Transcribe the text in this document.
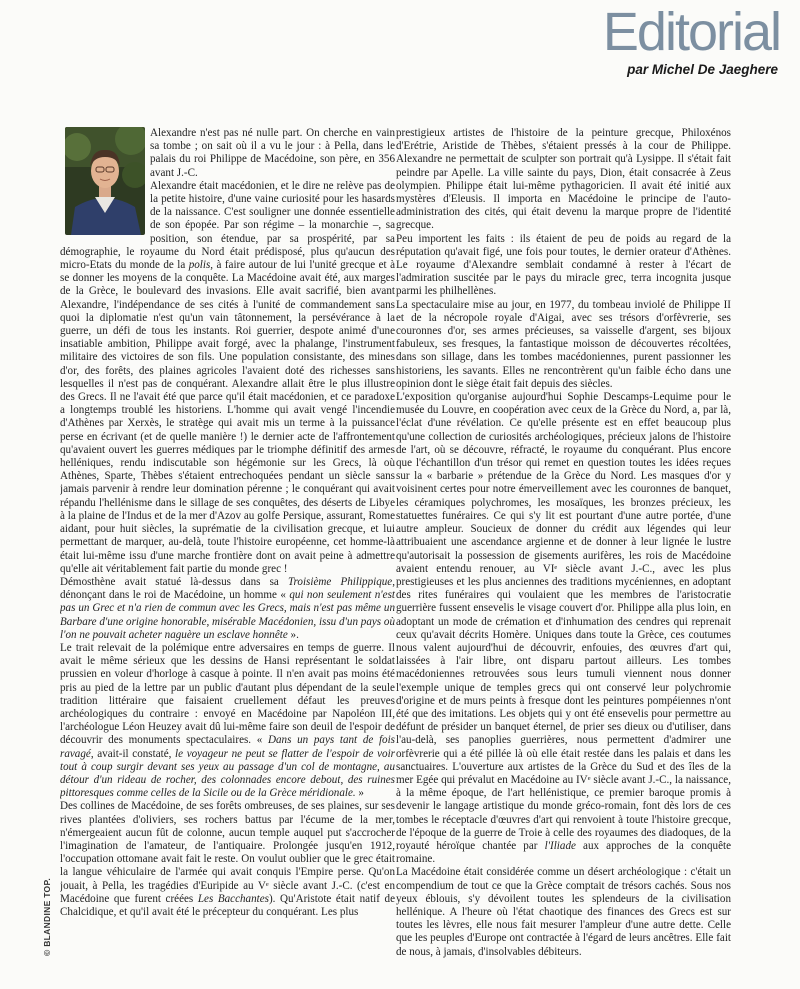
Editorial
par Michel De Jaeghere
© BLANDINE TOP.

Alexandre n'est pas né nulle part. On cherche en vain sa tombe ; on sait où il a vu le jour : à Pella, dans le palais du roi Philippe de Macédoine, son père, en 356 avant J.-C.

Alexandre était macédonien, et le dire ne relève pas de la petite histoire, d'une vaine curiosité pour les hasards de la naissance. C'est souligner une donnée essentielle de son épopée. Par son régime – la monarchie –, sa position, son étendue, par sa prospérité, par sa démographie, le royaume du Nord était prédisposé, plus qu'aucun des micro-Etats du monde de la polis, à faire autour de lui l'unité grecque et à se donner les moyens de la conquête. La Macédoine avait été, aux marges de la Grèce, le boulevard des invasions. Elle avait sacrifié, bien avant Alexandre, l'indépendance de ses cités à l'unité de commandement sans quoi la diplomatie n'est qu'un vain tâtonnement, la persévérance à la guerre, un défi de tous les instants. Roi guerrier, despote animé d'une insatiable ambition, Philippe avait forgé, avec la phalange, l'instrument militaire des victoires de son fils. Une population consistante, des mines d'or, des forêts, des plaines agricoles l'avaient doté des richesses sans lesquelles il n'est pas de conquérant. Alexandre allait être le plus illustre des Grecs. Il ne l'avait été que parce qu'il était macédonien, et ce paradoxe a longtemps troublé les historiens. L'homme qui avait vengé l'incendie d'Athènes par Xerxès, le stratège qui avait mis un terme à la puissance perse en écrivant (et de quelle manière !) le dernier acte de l'affrontement qu'avaient ouvert les guerres médiques par le triomphe définitif des armes helléniques, rendu indiscutable son hégémonie sur les Grecs, là où Athènes, Sparte, Thèbes s'étaient entrechoquées pendant un siècle sans jamais parvenir à rendre leur domination pérenne ; le conquérant qui avait répandu l'hellénisme dans le sillage de ses conquêtes, des déserts de Libye à la plaine de l'Indus et de la mer d'Azov au golfe Persique, assurant, Rome aidant, pour huit siècles, la suprématie de la civilisation grecque, et lui permettant de marquer, au-delà, toute l'histoire européenne, cet homme-là était lui-même issu d'une marche frontière dont on avait peine à admettre qu'elle ait véritablement fait partie du monde grec !

Démosthène avait statué là-dessus dans sa Troisième Philippique, dénonçant dans le roi de Macédoine, un homme « qui non seulement n'est pas un Grec et n'a rien de commun avec les Grecs, mais n'est pas même un Barbare d'une origine honorable, misérable Macédonien, issu d'un pays où l'on ne pouvait acheter naguère un esclave honnête ».

Le trait relevait de la polémique entre adversaires en temps de guerre. Il avait le même sérieux que les dessins de Hansi représentant le soldat prussien en voleur d'horloge à casque à pointe. Il n'en avait pas moins été pris au pied de la lettre par un public d'autant plus dépendant de la seule tradition littéraire que faisaient cruellement défaut les preuves archéologiques du contraire : envoyé en Macédoine par Napoléon III, l'archéologue Léon Heuzey avait dû lui-même faire son deuil de l'espoir de découvrir des monuments spectaculaires. « Dans un pays tant de fois ravagé, avait-il constaté, le voyageur ne peut se flatter de l'espoir de voir tout à coup surgir devant ses yeux au passage d'un col de montagne, au détour d'un rideau de rocher, des colonnades encore debout, des ruines pittoresques comme celles de la Sicile ou de la Grèce méridionale. »

Des collines de Macédoine, de ses forêts ombreuses, de ses plaines, sur ses rives plantées d'oliviers, ses rochers battus par l'écume de la mer, n'émergeaient aucun fût de colonne, aucun temple auquel put s'accrocher l'imagination de l'amateur, de l'antiquaire. Prolongée jusqu'en 1912, l'occupation ottomane avait fait le reste. On voulut oublier que le grec était la langue véhiculaire de l'armée qui avait conquis l'Empire perse. Qu'on jouait, à Pella, les tragédies d'Euripide au Vᵉ siècle avant J.-C. (c'est en Macédoine que furent créées Les Bacchantes). Qu'Aristote était natif de Chalcidique, et qu'il avait été le précepteur du conquérant. Les plus

prestigieux artistes de l'histoire de la peinture grecque, Philoxénos d'Erétrie, Aristide de Thèbes, s'étaient pressés à la cour de Philippe. Alexandre ne permettait de sculpter son portrait qu'à Lysippe. Il s'était fait peindre par Apelle. La ville sainte du pays, Dion, était consacrée à Zeus olympien. Philippe était lui-même pythagoricien. Il avait été initié aux mystères d'Eleusis. Il importa en Macédoine le principe de l'auto-administration des cités, qui était devenu la marque propre de l'identité grecque.

Peu importent les faits : ils étaient de peu de poids au regard de la réputation qu'avait figé, une fois pour toutes, le dernier orateur d'Athènes. Le royaume d'Alexandre semblait condamné à rester à l'écart de l'admiration suscitée par le pays du miracle grec, terra incognita jusque parmi les philhellènes.

La spectaculaire mise au jour, en 1977, du tombeau inviolé de Philippe II et de la nécropole royale d'Aigai, avec ses trésors d'orfèvrerie, ses couronnes d'or, ses armes précieuses, sa vaisselle d'argent, ses bijoux fabuleux, ses fresques, la fantastique moisson de découvertes récoltées, dans son sillage, dans les tombes macédoniennes, purent passionner les historiens, les savants. Elles ne rencontrèrent qu'un faible écho dans une opinion dont le siège était fait depuis des siècles.

L'exposition qu'organise aujourd'hui Sophie Descamps-Lequime pour le musée du Louvre, en coopération avec ceux de la Grèce du Nord, a, par là, l'éclat d'une révélation. Ce qu'elle présente est en effet beaucoup plus qu'une collection de curiosités archéologiques, précieux jalons de l'histoire de l'art, où se découvre, réfracté, le royaume du conquérant. Plus encore que l'échantillon d'un trésor qui remet en question toutes les idées reçues sur la « barbarie » prétendue de la Grèce du Nord. Les masques d'or y voisinent certes pour notre émerveillement avec les couronnes de banquet, les céramiques polychromes, les mosaïques, les bronzes précieux, les statuettes funéraires. Ce qui s'y lit est pourtant d'une autre portée, d'une autre ampleur. Soucieux de donner du crédit aux légendes qui leur attribuaient une ascendance argienne et de donner à leur lignée le lustre qu'autorisait la possession de gisements aurifères, les rois de Macédoine avaient entendu renouer, au VIᵉ siècle avant J.-C., avec les plus prestigieuses et les plus anciennes des traditions mycéniennes, en adoptant des rites funéraires qui voulaient que les membres de l'aristocratie guerrière fussent ensevelis le visage couvert d'or. Philippe alla plus loin, en adoptant un mode de crémation et d'inhumation des cendres qui reprenait ceux qu'avait décrits Homère. Uniques dans toute la Grèce, ces coutumes nous valent aujourd'hui de découvrir, enfouies, des œuvres d'art qui, laissées à l'air libre, ont disparu partout ailleurs. Les tombes macédoniennes retrouvées sous leurs tumuli viennent nous donner l'exemple unique de temples grecs qui ont conservé leur polychromie d'origine et de murs peints à fresque dont les peintures pompéiennes n'ont été que des imitations. Les objets qui y ont été ensevelis pour permettre au défunt de présider un banquet éternel, de prier ses dieux ou d'utiliser, dans l'au-delà, ses panoplies guerrières, nous permettent d'admirer une orfèvrerie qui a été pillée là où elle était restée dans les palais et dans les sanctuaires. L'ouverture aux artistes de la Grèce du Sud et des îles de la mer Egée qui prévalut en Macédoine au IVᵉ siècle avant J.-C., la naissance, à la même époque, de l'art hellénistique, ce premier baroque promis à devenir le langage artistique du monde gréco-romain, font dès lors de ces tombes le réceptacle d'œuvres d'art qui renvoient à toute l'histoire grecque, de l'époque de la guerre de Troie à celle des royaumes des diadoques, de la royauté héroïque chantée par l'Iliade aux approches de la conquête romaine.

La Macédoine était considérée comme un désert archéologique : c'était un compendium de tout ce que la Grèce comptait de trésors cachés. Sous nos yeux éblouis, s'y dévoilent toutes les splendeurs de la civilisation hellénique. A l'heure où l'état chaotique des finances des Grecs est sur toutes les lèvres, elle nous fait mesurer l'ampleur d'une autre dette. Celle que les peuples d'Europe ont contractée à l'égard de leurs ancêtres. Elle fait de nous, à jamais, d'insolvables débiteurs.
